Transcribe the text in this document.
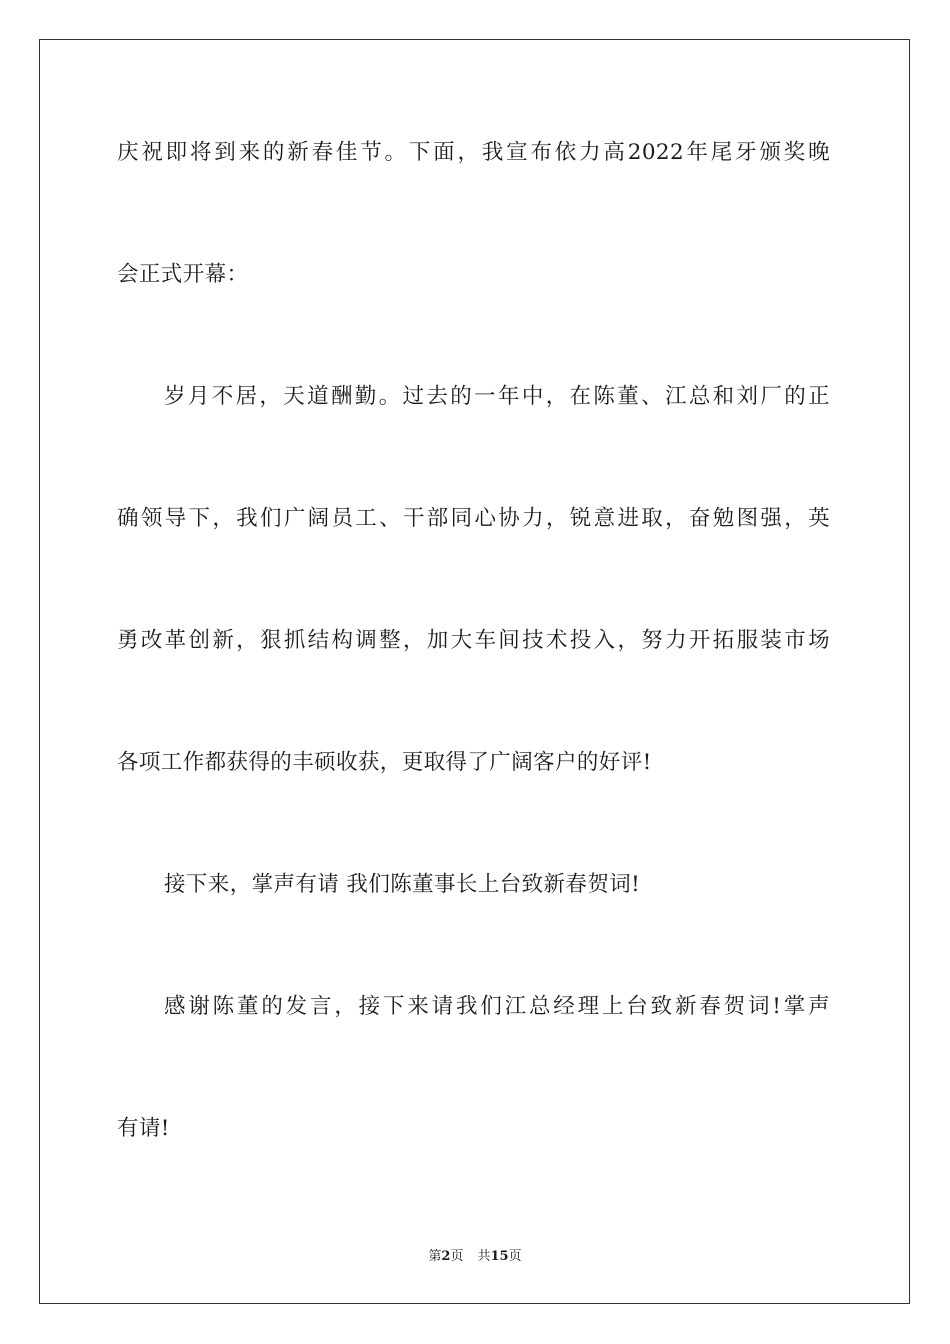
庆祝即将到来的新春佳节。下面，我宣布依力高2022年尾牙颁奖晚
会正式开幕：
岁月不居，天道酬勤。过去的一年中，在陈董、江总和刘厂的正
确领导下，我们广阔员工、干部同心协力，锐意进取，奋勉图强，英
勇改革创新，狠抓结构调整，加大车间技术投入，努力开拓服装市场
各项工作都获得的丰硕收获，更取得了广阔客户的好评!
接下来，掌声有请 我们陈董事长上台致新春贺词!
感谢陈董的发言，接下来请我们江总经理上台致新春贺词!掌声
有请!
第2页 共15页
